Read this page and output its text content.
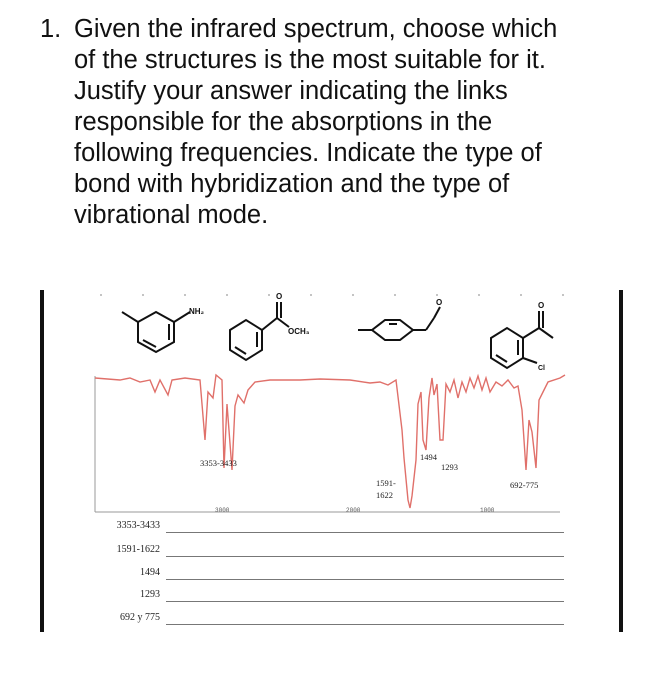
1. Given the infrared spectrum, choose which
of the structures is the most suitable for it.
Justify your answer indicating the links
responsible for the absorptions in the
following frequencies. Indicate the type of
bond with hybridization and the type of
vibrational mode.
NH₂
O
OCH₃
O	O
Cl
3000	2000	1000
3353-3433
1591-
1622
1494
1293
692-775
3353-3433
1591-1622
1494
1293
692 y 775
